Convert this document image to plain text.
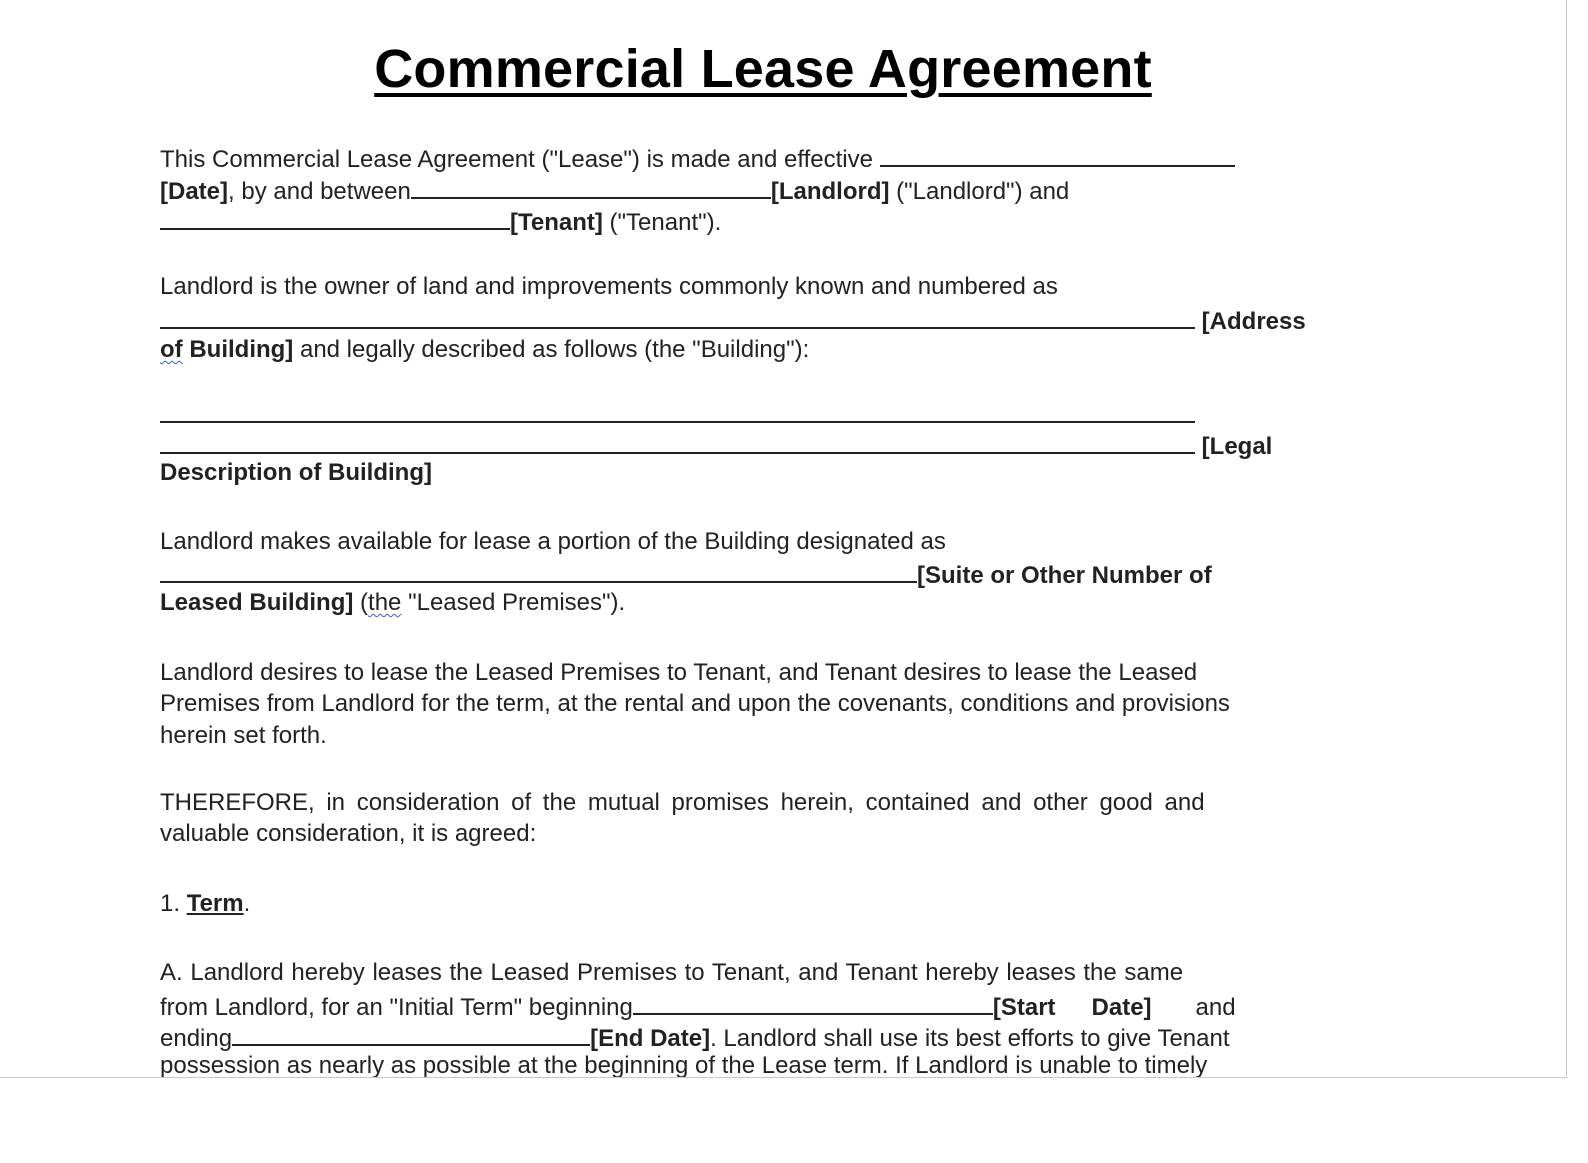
Commercial Lease Agreement
This Commercial Lease Agreement ("Lease") is made and effective
[Date], by and between	[Landlord] ("Landlord") and
[Tenant] ("Tenant").
Landlord is the owner of land and improvements commonly known and numbered as
[Address
of Building] and legally described as follows (the "Building"):
[Legal
Description of Building]
Landlord makes available for lease a portion of the Building designated as
[Suite or Other Number of
Leased Building] (the "Leased Premises").
Landlord desires to lease the Leased Premises to Tenant, and Tenant desires to lease the Leased
Premises from Landlord for the term, at the rental and upon the covenants, conditions and provisions
herein set forth.
THEREFORE, in consideration of the mutual promises herein, contained and other good and
valuable consideration, it is agreed:
1. Term.
A. Landlord hereby leases the Leased Premises to Tenant, and Tenant hereby leases the same
from Landlord, for an "Initial Term" beginning	[Start Date] and
ending	[End Date]. Landlord shall use its best efforts to give Tenant
possession as nearly as possible at the beginning of the Lease term. If Landlord is unable to timely
